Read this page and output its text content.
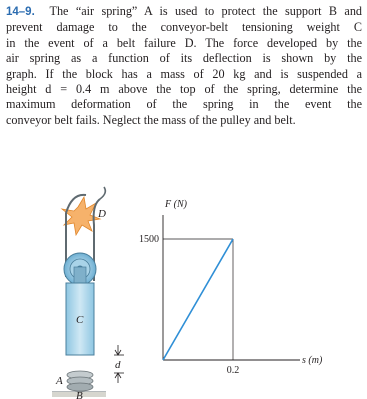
14–9. The “air spring” A is used to protect the support B and
prevent damage to the conveyor-belt tensioning weight C
in the event of a belt failure D. The force developed by the
air spring as a function of its deflection is shown by the
graph. If the block has a mass of 20 kg and is suspended a
height d = 0.4 m above the top of the spring, determine the
maximum deformation of the spring in the event the
conveyor belt fails. Neglect the mass of the pulley and belt.
D
C
d
A
B
F (N)
s (m)
1500
0.2
